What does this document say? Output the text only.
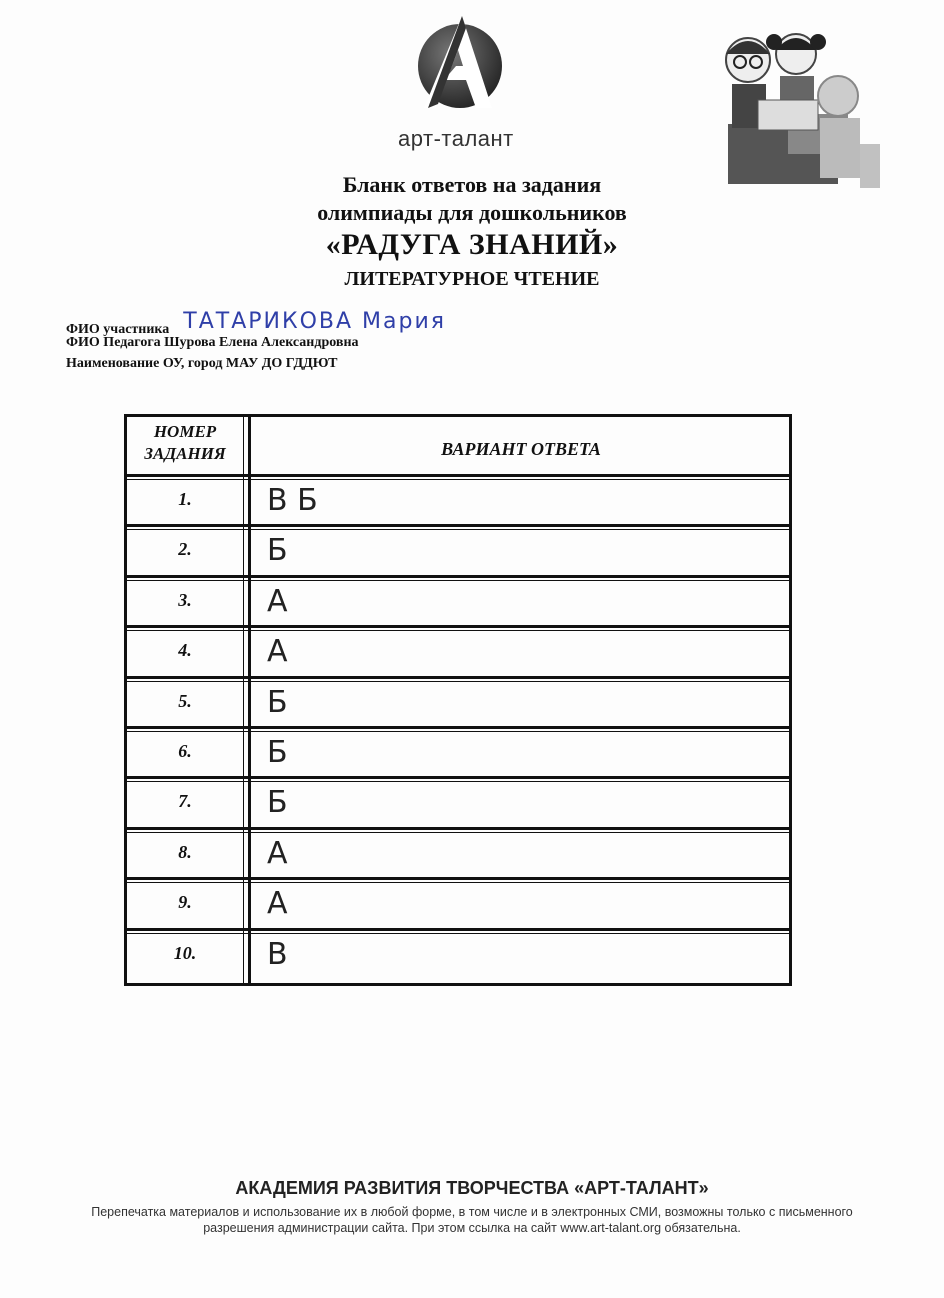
арт-талант
Бланк ответов на задания
олимпиады для дошкольников
«РАДУГА ЗНАНИЙ»
ЛИТЕРАТУРНОЕ ЧТЕНИЕ
ФИО участника ТАТАРИКОВА Мария
ФИО Педагога Шурова Елена Александровна
Наименование ОУ, город МАУ ДО ГДДЮТ
НОМЕР ЗАДАНИЯ	ВАРИАНТ ОТВЕТА
1.	В Б
2.	Б
3.	А
4.	А
5.	Б
6.	Б
7.	Б
8.	А
9.	А
10.	В
АКАДЕМИЯ РАЗВИТИЯ ТВОРЧЕСТВА «АРТ-ТАЛАНТ»
Перепечатка материалов и использование их в любой форме, в том числе и в электронных СМИ, возможны только с письменного разрешения администрации сайта. При этом ссылка на сайт www.art-talant.org обязательна.
